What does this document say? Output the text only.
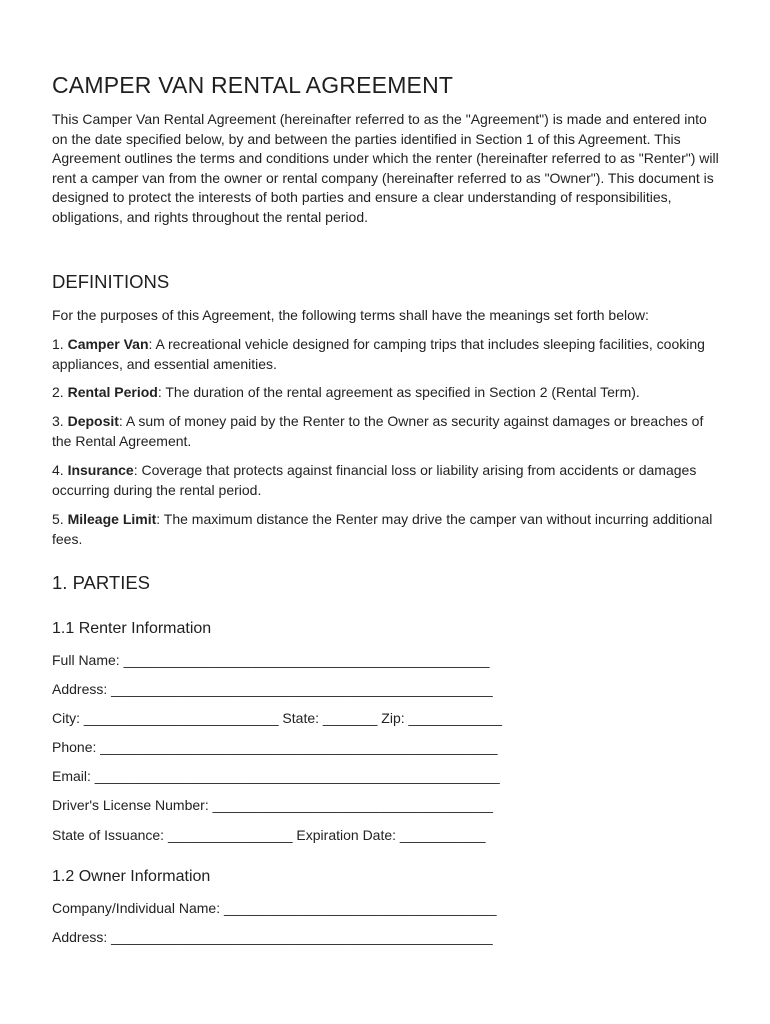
CAMPER VAN RENTAL AGREEMENT

This Camper Van Rental Agreement (hereinafter referred to as the "Agreement") is made and entered into on the date specified below, by and between the parties identified in Section 1 of this Agreement. This Agreement outlines the terms and conditions under which the renter (hereinafter referred to as "Renter") will rent a camper van from the owner or rental company (hereinafter referred to as "Owner"). This document is designed to protect the interests of both parties and ensure a clear understanding of responsibilities, obligations, and rights throughout the rental period.

DEFINITIONS

For the purposes of this Agreement, the following terms shall have the meanings set forth below:

1. Camper Van: A recreational vehicle designed for camping trips that includes sleeping facilities, cooking appliances, and essential amenities.

2. Rental Period: The duration of the rental agreement as specified in Section 2 (Rental Term).

3. Deposit: A sum of money paid by the Renter to the Owner as security against damages or breaches of the Rental Agreement.

4. Insurance: Coverage that protects against financial loss or liability arising from accidents or damages occurring during the rental period.

5. Mileage Limit: The maximum distance the Renter may drive the camper van without incurring additional fees.

1. PARTIES
1.1 Renter Information

Full Name: _______________________________________________

Address: _________________________________________________

City: _________________________ State: _______ Zip: ____________

Phone: ___________________________________________________

Email: ____________________________________________________

Driver's License Number: ____________________________________

State of Issuance: ________________ Expiration Date: ___________

1.2 Owner Information

Company/Individual Name: ___________________________________

Address: _________________________________________________
